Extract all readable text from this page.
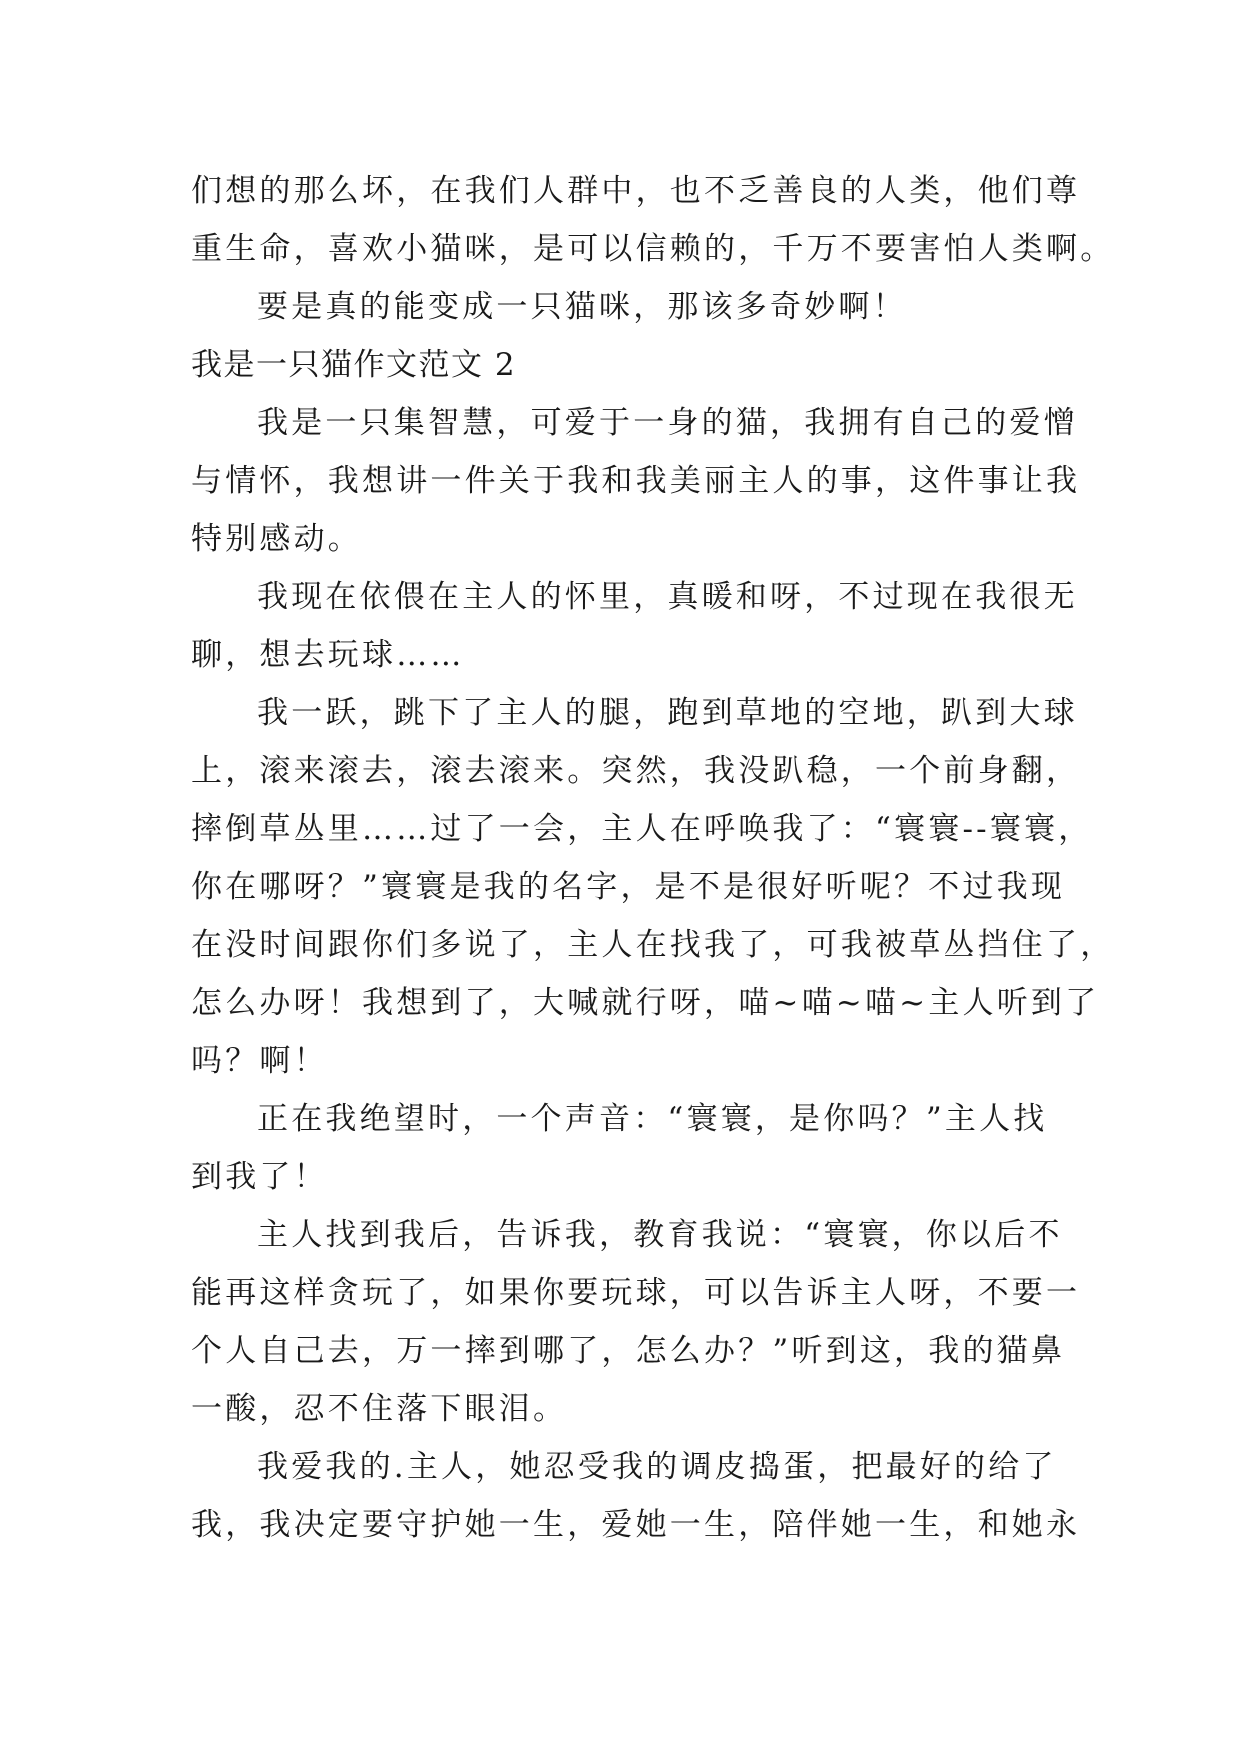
们想的那么坏，在我们人群中，也不乏善良的人类，他们尊
重生命，喜欢小猫咪，是可以信赖的，千万不要害怕人类啊。
要是真的能变成一只猫咪，那该多奇妙啊！
我是一只猫作文范文 2
我是一只集智慧，可爱于一身的猫，我拥有自己的爱憎
与情怀，我想讲一件关于我和我美丽主人的事，这件事让我
特别感动。
我现在依偎在主人的怀里，真暖和呀，不过现在我很无
聊，想去玩球……
我一跃，跳下了主人的腿，跑到草地的空地，趴到大球
上，滚来滚去，滚去滚来。突然，我没趴稳，一个前身翻，
摔倒草丛里……过了一会，主人在呼唤我了：“寰寰--寰寰，
你在哪呀？”寰寰是我的名字，是不是很好听呢？不过我现
在没时间跟你们多说了，主人在找我了，可我被草丛挡住了，
怎么办呀！我想到了，大喊就行呀，喵~喵~喵~主人听到了
吗？啊！
正在我绝望时，一个声音：“寰寰，是你吗？”主人找
到我了！
主人找到我后，告诉我，教育我说：“寰寰，你以后不
能再这样贪玩了，如果你要玩球，可以告诉主人呀，不要一
个人自己去，万一摔到哪了，怎么办？”听到这，我的猫鼻
一酸，忍不住落下眼泪。
我爱我的.主人，她忍受我的调皮捣蛋，把最好的给了
我，我决定要守护她一生，爱她一生，陪伴她一生，和她永
